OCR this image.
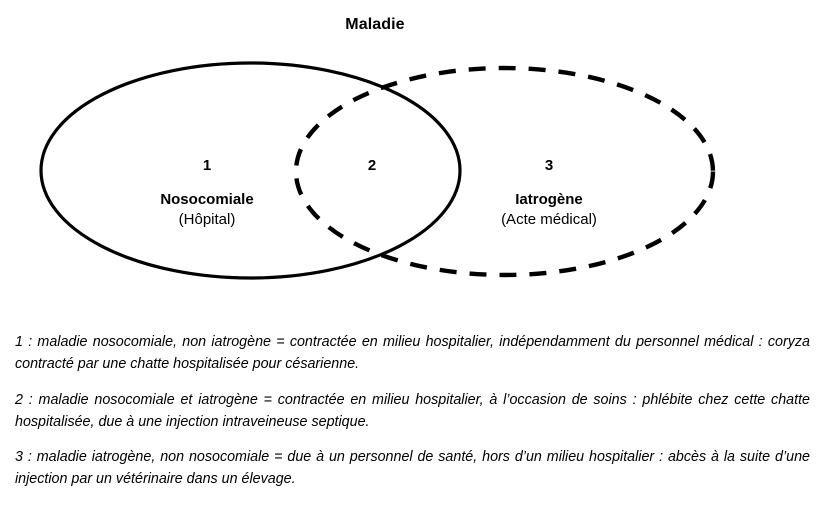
Maladie
1
Nosocomiale
(Hôpital)
2	3
Iatrogène
(Acte médical)

1 : maladie nosocomiale, non iatrogène = contractée en milieu hospitalier, indépendamment du personnel médical : coryza contracté par une chatte hospitalisée pour césarienne.

2 : maladie nosocomiale et iatrogène = contractée en milieu hospitalier, à l’occasion de soins : phlébite chez cette chatte hospitalisée, due à une injection intraveineuse septique.

3 : maladie iatrogène, non nosocomiale = due à un personnel de santé, hors d’un milieu hospitalier : abcès à la suite d’une injection par un vétérinaire dans un élevage.
